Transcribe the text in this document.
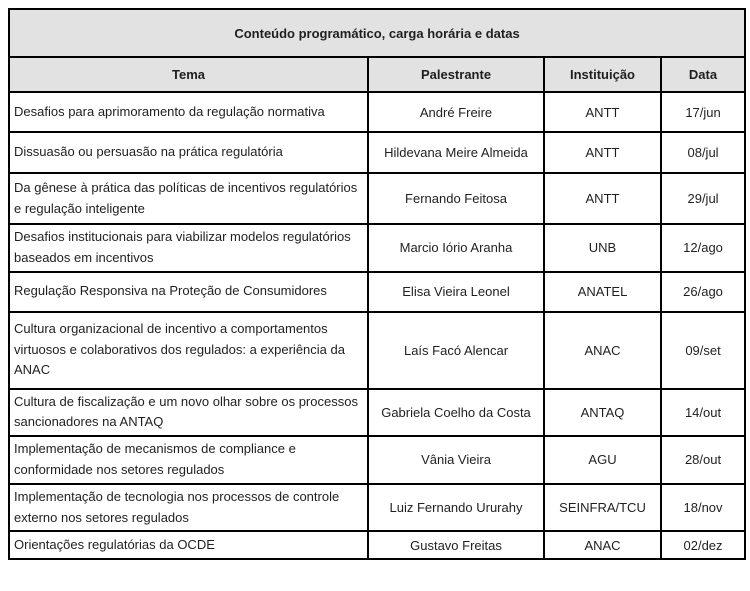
Conteúdo programático, carga horária e datas			
Tema	Palestrante	Instituição	Data
Desafios para aprimoramento da regulação normativa	André Freire	ANTT	17/jun
Dissuasão ou persuasão na prática regulatória	Hildevana Meire Almeida	ANTT	08/jul
Da gênese à prática das políticas de incentivos regulatórios e regulação inteligente	Fernando Feitosa	ANTT	29/jul
Desafios institucionais para viabilizar modelos regulatórios baseados em incentivos	Marcio Iório Aranha	UNB	12/ago
Regulação Responsiva na Proteção de Consumidores	Elisa Vieira Leonel	ANATEL	26/ago
Cultura organizacional de incentivo a comportamentos virtuosos e colaborativos dos regulados: a experiência da ANAC	Laís Facó Alencar	ANAC	09/set
Cultura de fiscalização e um novo olhar sobre os processos sancionadores na ANTAQ	Gabriela Coelho da Costa	ANTAQ	14/out
Implementação de mecanismos de compliance e conformidade nos setores regulados	Vânia Vieira	AGU	28/out
Implementação de tecnologia nos processos de controle externo nos setores regulados	Luiz Fernando Ururahy	SEINFRA/TCU	18/nov
Orientações regulatórias da OCDE	Gustavo Freitas	ANAC	02/dez
